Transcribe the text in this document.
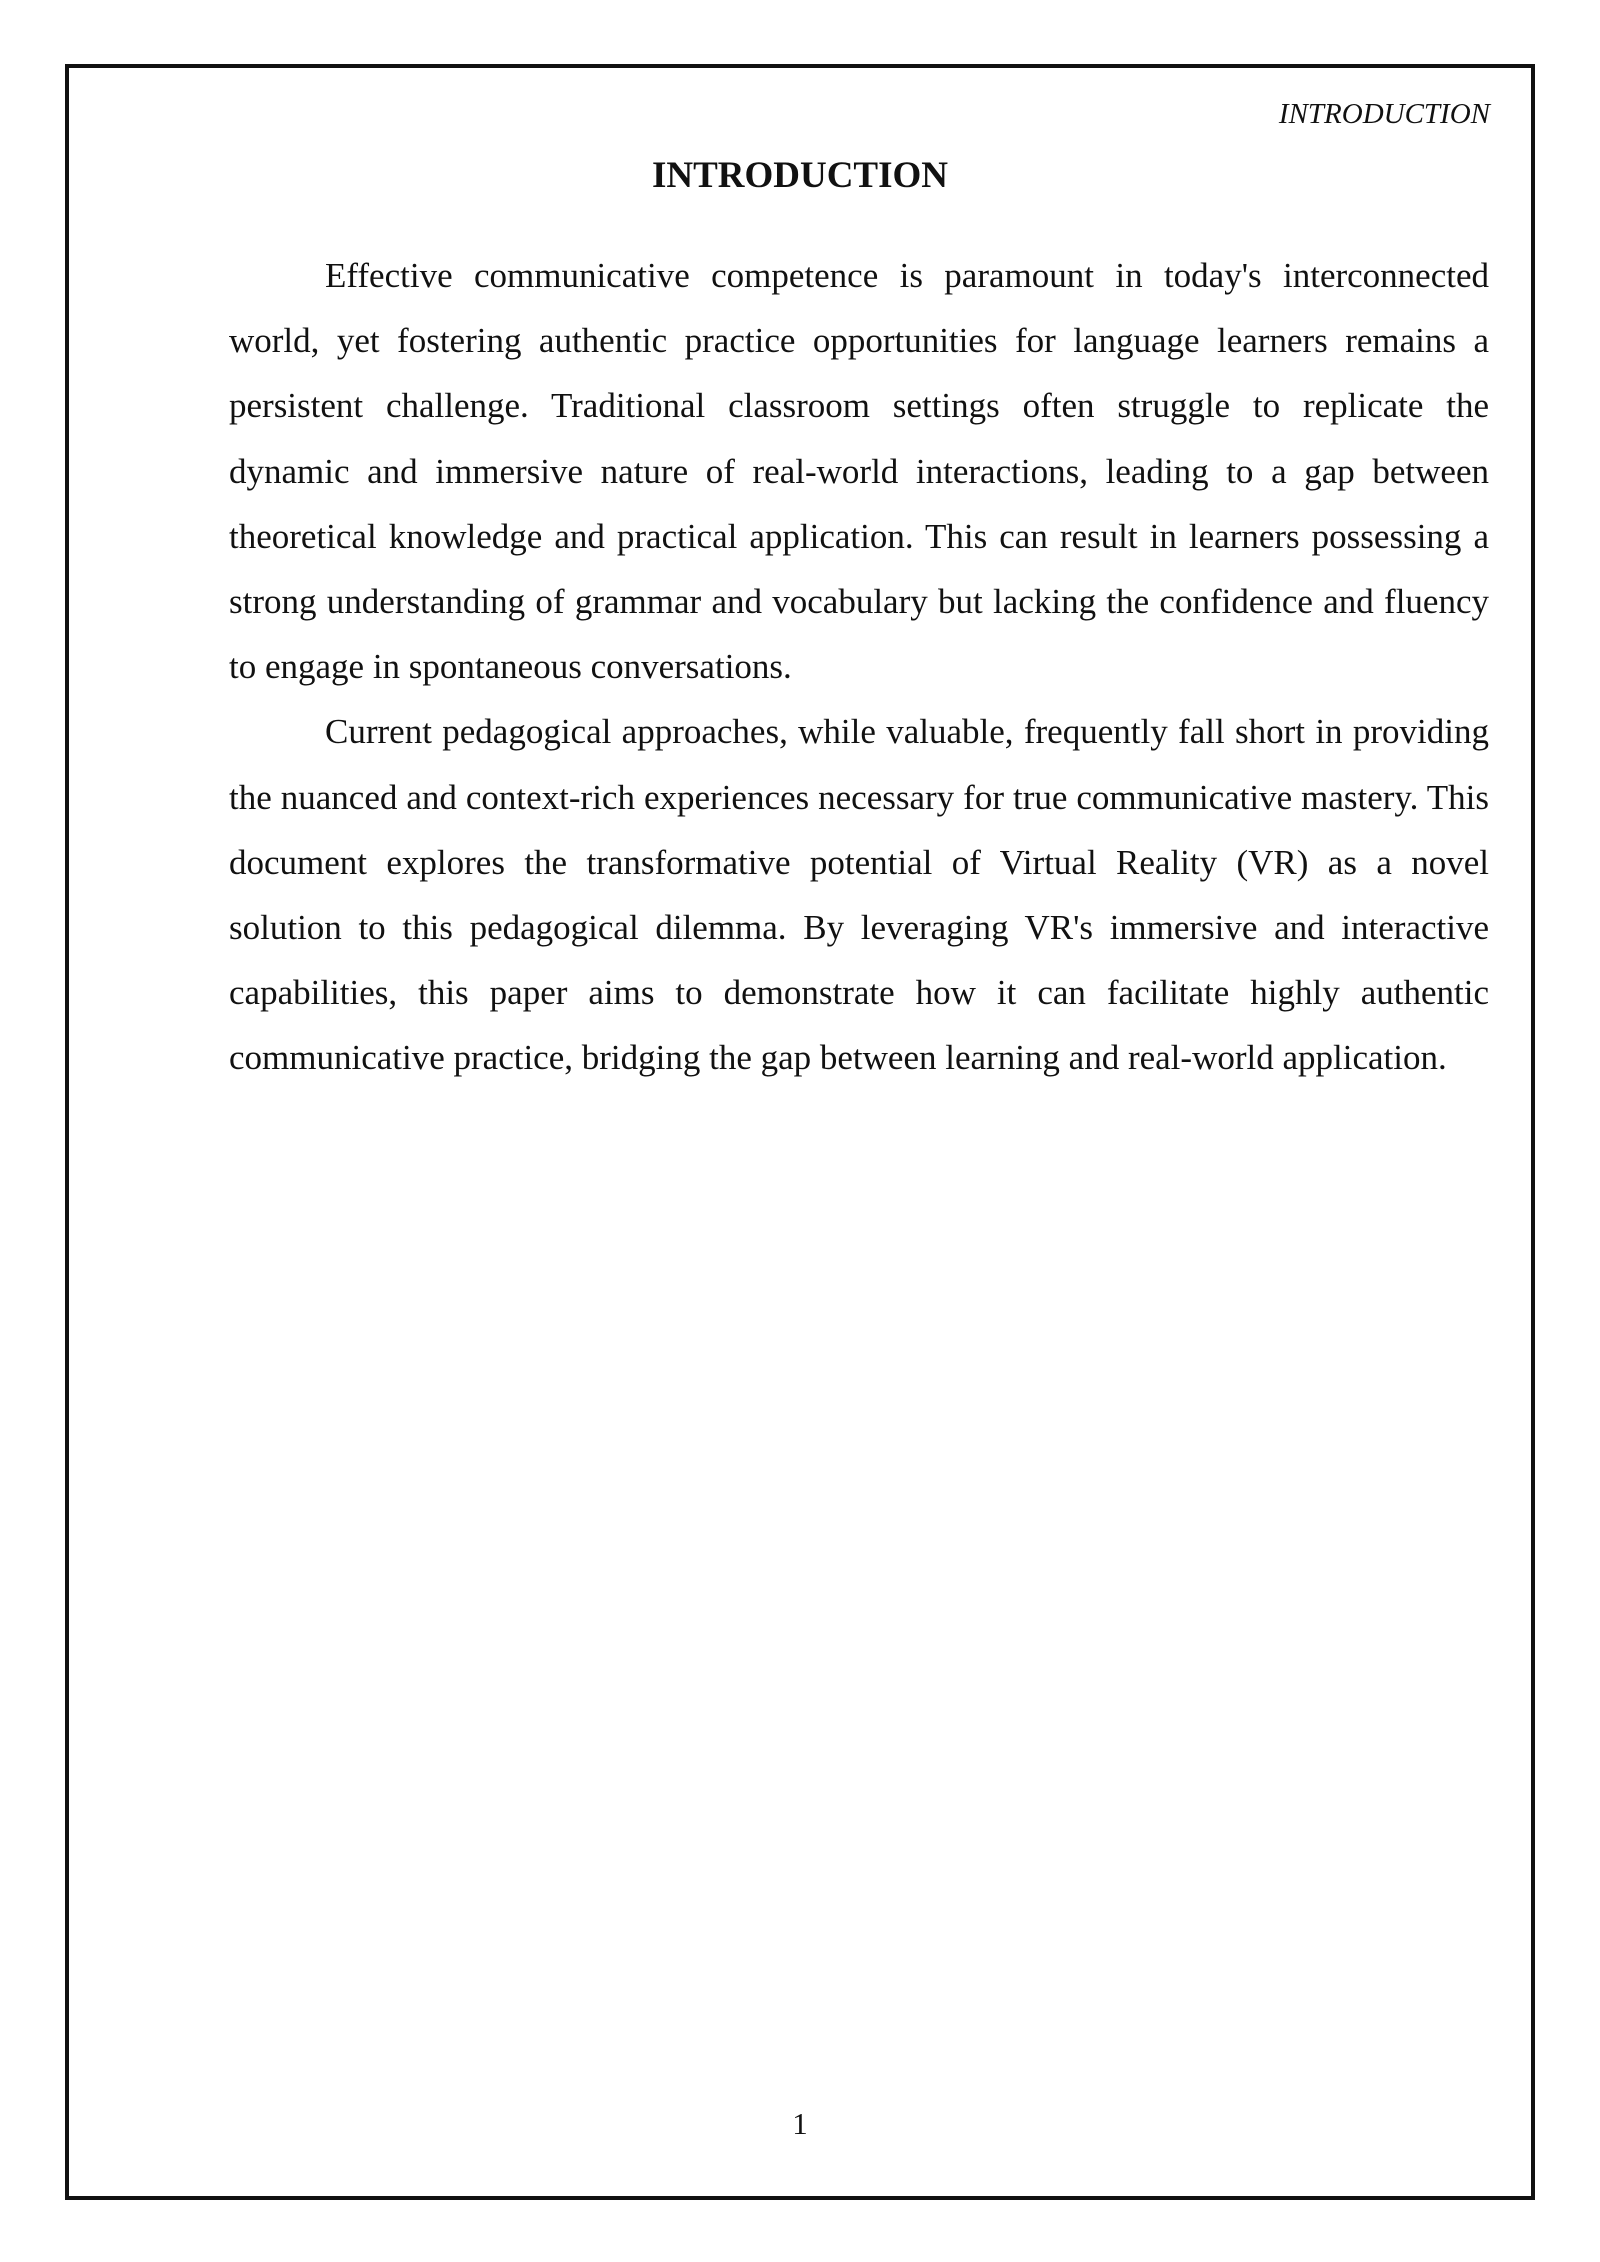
INTRODUCTION
INTRODUCTION

Effective communicative competence is paramount in today's interconnected world, yet fostering authentic practice opportunities for language learners remains a persistent challenge. Traditional classroom settings often struggle to replicate the dynamic and immersive nature of real-world interactions, leading to a gap between theoretical knowledge and practical application. This can result in learners possessing a strong understanding of grammar and vocabulary but lacking the confidence and fluency to engage in spontaneous conversations.

Current pedagogical approaches, while valuable, frequently fall short in providing the nuanced and context-rich experiences necessary for true communicative mastery. This document explores the transformative potential of Virtual Reality (VR) as a novel solution to this pedagogical dilemma. By leveraging VR's immersive and interactive capabilities, this paper aims to demonstrate how it can facilitate highly authentic communicative practice, bridging the gap between learning and real-world application.

1
